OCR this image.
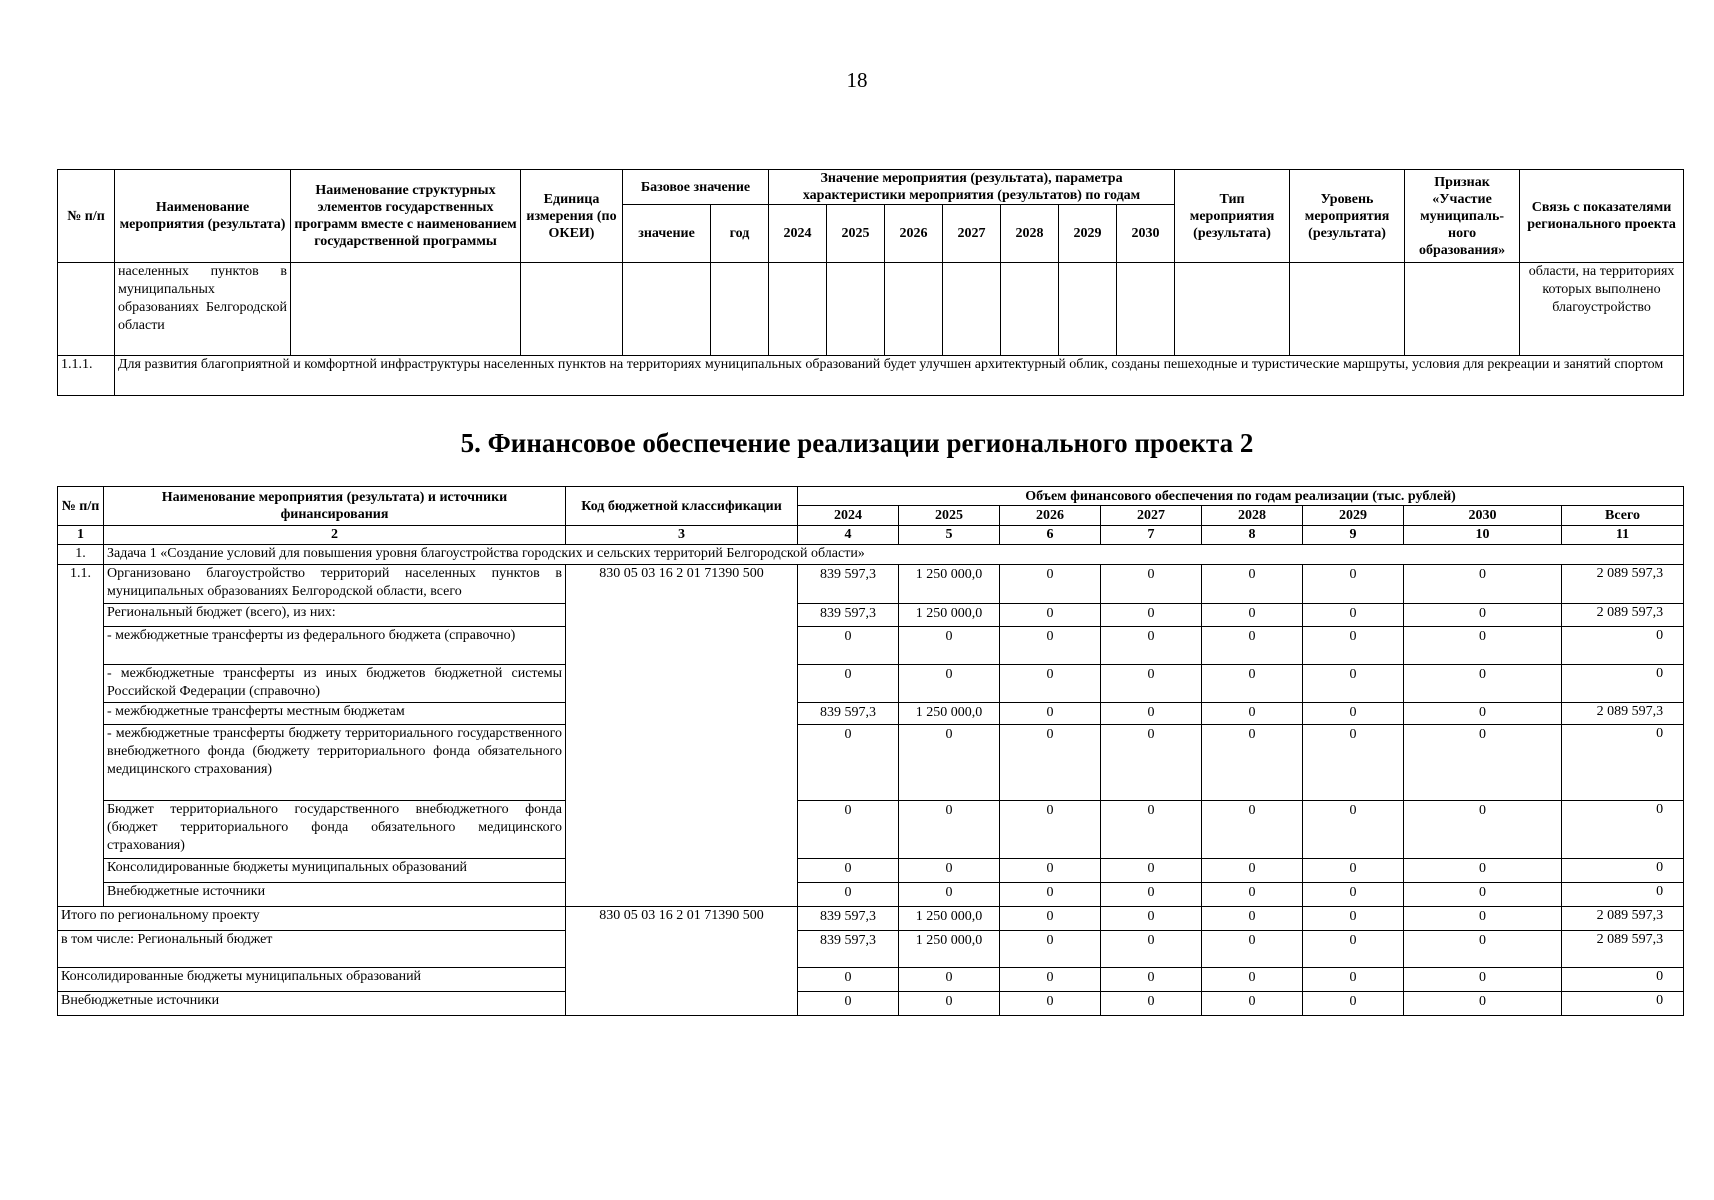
18
№ п/п	Наименование мероприятия (результата)	Наименование структурных элементов государственных программ вместе с наименованием государственной программы	Единица измерения (по ОКЕИ)	Базовое значение		Значение мероприятия (результата), параметра характеристики мероприятия (результатов) по годам							Тип мероприятия (результата)	Уровень мероприятия (результата)	Признак «Участие муниципаль-ного образования»	Связь с показателями регионального проекта
				значение	год	2024	2025	2026	2027	2028	2029	2030				
	населенных пунктов в муниципальных образованиях Белгородской области															области, на территориях которых выполнено благоустройство
1.1.1.	Для развития благоприятной и комфортной инфраструктуры населенных пунктов на территориях муниципальных образований будет улучшен архитектурный облик, созданы пешеходные и туристические маршруты, условия для рекреации и занятий спортом															
5. Финансовое обеспечение реализации регионального проекта 2
№ п/п	Наименование мероприятия (результата) и источники финансирования	Код бюджетной классификации	Объем финансового обеспечения по годам реализации (тыс. рублей)							
			2024	2025	2026	2027	2028	2029	2030	Всего
1	2	3	4	5	6	7	8	9	10	11
1.	Задача 1 «Создание условий для повышения уровня благоустройства городских и сельских территорий Белгородской области»									
1.1.	Организовано благоустройство территорий населенных пунктов в муниципальных образованиях Белгородской области, всего	830 05 03 16 2 01 71390 500	839 597,3	1 250 000,0	0	0	0	0	0	2 089 597,3
	Региональный бюджет (всего), из них:		839 597,3	1 250 000,0	0	0	0	0	0	2 089 597,3
	- межбюджетные трансферты из федерального бюджета (справочно)		0	0	0	0	0	0	0	0
	- межбюджетные трансферты из иных бюджетов бюджетной системы Российской Федерации (справочно)		0	0	0	0	0	0	0	0
	- межбюджетные трансферты местным бюджетам		839 597,3	1 250 000,0	0	0	0	0	0	2 089 597,3
	- межбюджетные трансферты бюджету территориального государственного внебюджетного фонда (бюджету территориального фонда обязательного медицинского страхования)		0	0	0	0	0	0	0	0
	Бюджет территориального государственного внебюджетного фонда (бюджет территориального фонда обязательного медицинского страхования)		0	0	0	0	0	0	0	0
	Консолидированные бюджеты муниципальных образований		0	0	0	0	0	0	0	0
	Внебюджетные источники		0	0	0	0	0	0	0	0
Итого по региональному проекту		830 05 03 16 2 01 71390 500	839 597,3	1 250 000,0	0	0	0	0	0	2 089 597,3
в том числе: Региональный бюджет			839 597,3	1 250 000,0	0	0	0	0	0	2 089 597,3
Консолидированные бюджеты муниципальных образований			0	0	0	0	0	0	0	0
Внебюджетные источники			0	0	0	0	0	0	0	0
